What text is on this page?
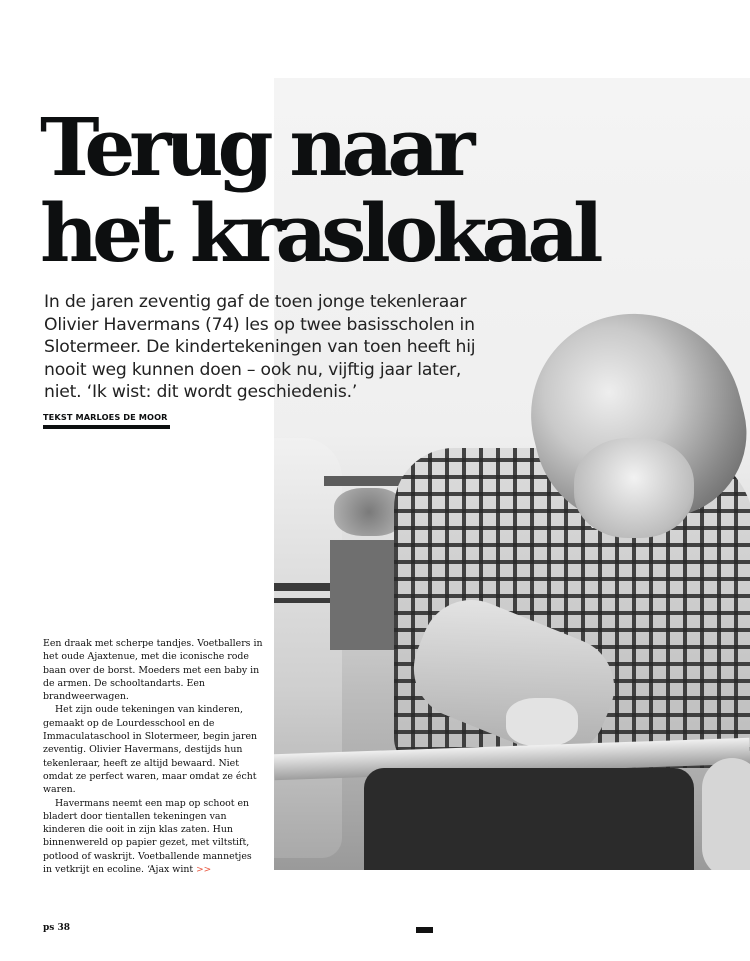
Terug naar
het kraslokaal

In de jaren zeventig gaf de toen jonge tekenleraar Olivier Havermans (74) les op twee basisscholen in Slotermeer. De kindertekeningen van toen heeft hij nooit weg kunnen doen – ook nu, vijftig jaar later, niet. ‘Ik wist: dit wordt geschiedenis.’

TEKST MARLOES DE MOOR

Een draak met scherpe tandjes. Voetballers in het oude Ajaxtenue, met die iconische rode baan over de borst. Moeders met een baby in de armen. De schooltandarts. Een brandweerwagen.

Het zijn oude tekeningen van kinderen, gemaakt op de Lourdesschool en de Immaculataschool in Slotermeer, begin jaren zeventig. Olivier Havermans, destijds hun tekenleraar, heeft ze altijd bewaard. Niet omdat ze perfect waren, maar omdat ze écht waren.

Havermans neemt een map op schoot en bladert door tientallen tekeningen van kinderen die ooit in zijn klas zaten. Hun binnenwereld op papier gezet, met viltstift, potlood of waskrijt. Voetballende mannetjes in vetkrijt en ecoline. ‘Ajax wint >>

ps 38
